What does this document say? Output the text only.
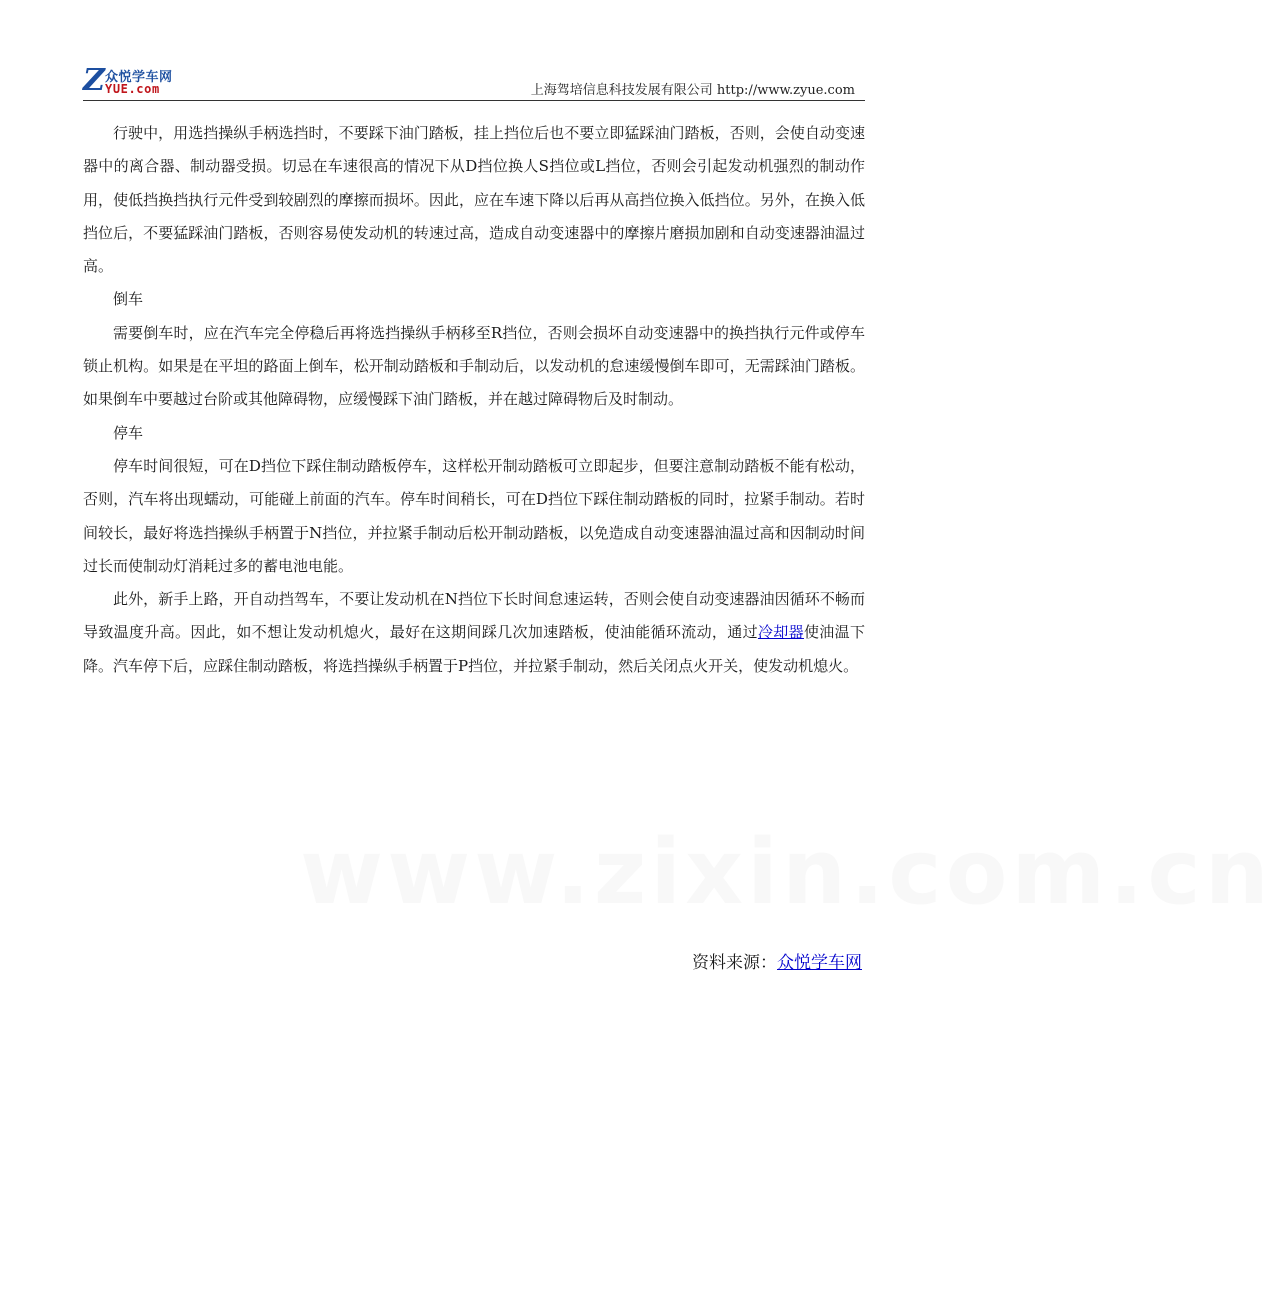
Z 众悦学车网
YUE.com	上海驾培信息科技发展有限公司 http://www.zyue.com

行驶中，用选挡操纵手柄选挡时，不要踩下油门踏板，挂上挡位后也不要立即猛踩油门踏板，否则，会使自动变速器中的离合器、制动器受损。切忌在车速很高的情况下从D挡位换人S挡位或L挡位，否则会引起发动机强烈的制动作用，使低挡换挡执行元件受到较剧烈的摩擦而损坏。因此，应在车速下降以后再从高挡位换入低挡位。另外，在换入低挡位后，不要猛踩油门踏板，否则容易使发动机的转速过高，造成自动变速器中的摩擦片磨损加剧和自动变速器油温过高。

倒车

需要倒车时，应在汽车完全停稳后再将选挡操纵手柄移至R挡位，否则会损坏自动变速器中的换挡执行元件或停车锁止机构。如果是在平坦的路面上倒车，松开制动踏板和手制动后，以发动机的怠速缓慢倒车即可，无需踩油门踏板。如果倒车中要越过台阶或其他障碍物，应缓慢踩下油门踏板，并在越过障碍物后及时制动。

停车

停车时间很短，可在D挡位下踩住制动踏板停车，这样松开制动踏板可立即起步，但要注意制动踏板不能有松动，否则，汽车将出现蠕动，可能碰上前面的汽车。停车时间稍长，可在D挡位下踩住制动踏板的同时，拉紧手制动。若时间较长，最好将选挡操纵手柄置于N挡位，并拉紧手制动后松开制动踏板，以免造成自动变速器油温过高和因制动时间过长而使制动灯消耗过多的蓄电池电能。

此外，新手上路，开自动挡驾车，不要让发动机在N挡位下长时间怠速运转，否则会使自动变速器油因循环不畅而导致温度升高。因此，如不想让发动机熄火，最好在这期间踩几次加速踏板，使油能循环流动，通过冷却器使油温下降。汽车停下后，应踩住制动踏板，将选挡操纵手柄置于P挡位，并拉紧手制动，然后关闭点火开关，使发动机熄火。

www.zixin.com.cn
资料来源：众悦学车网
